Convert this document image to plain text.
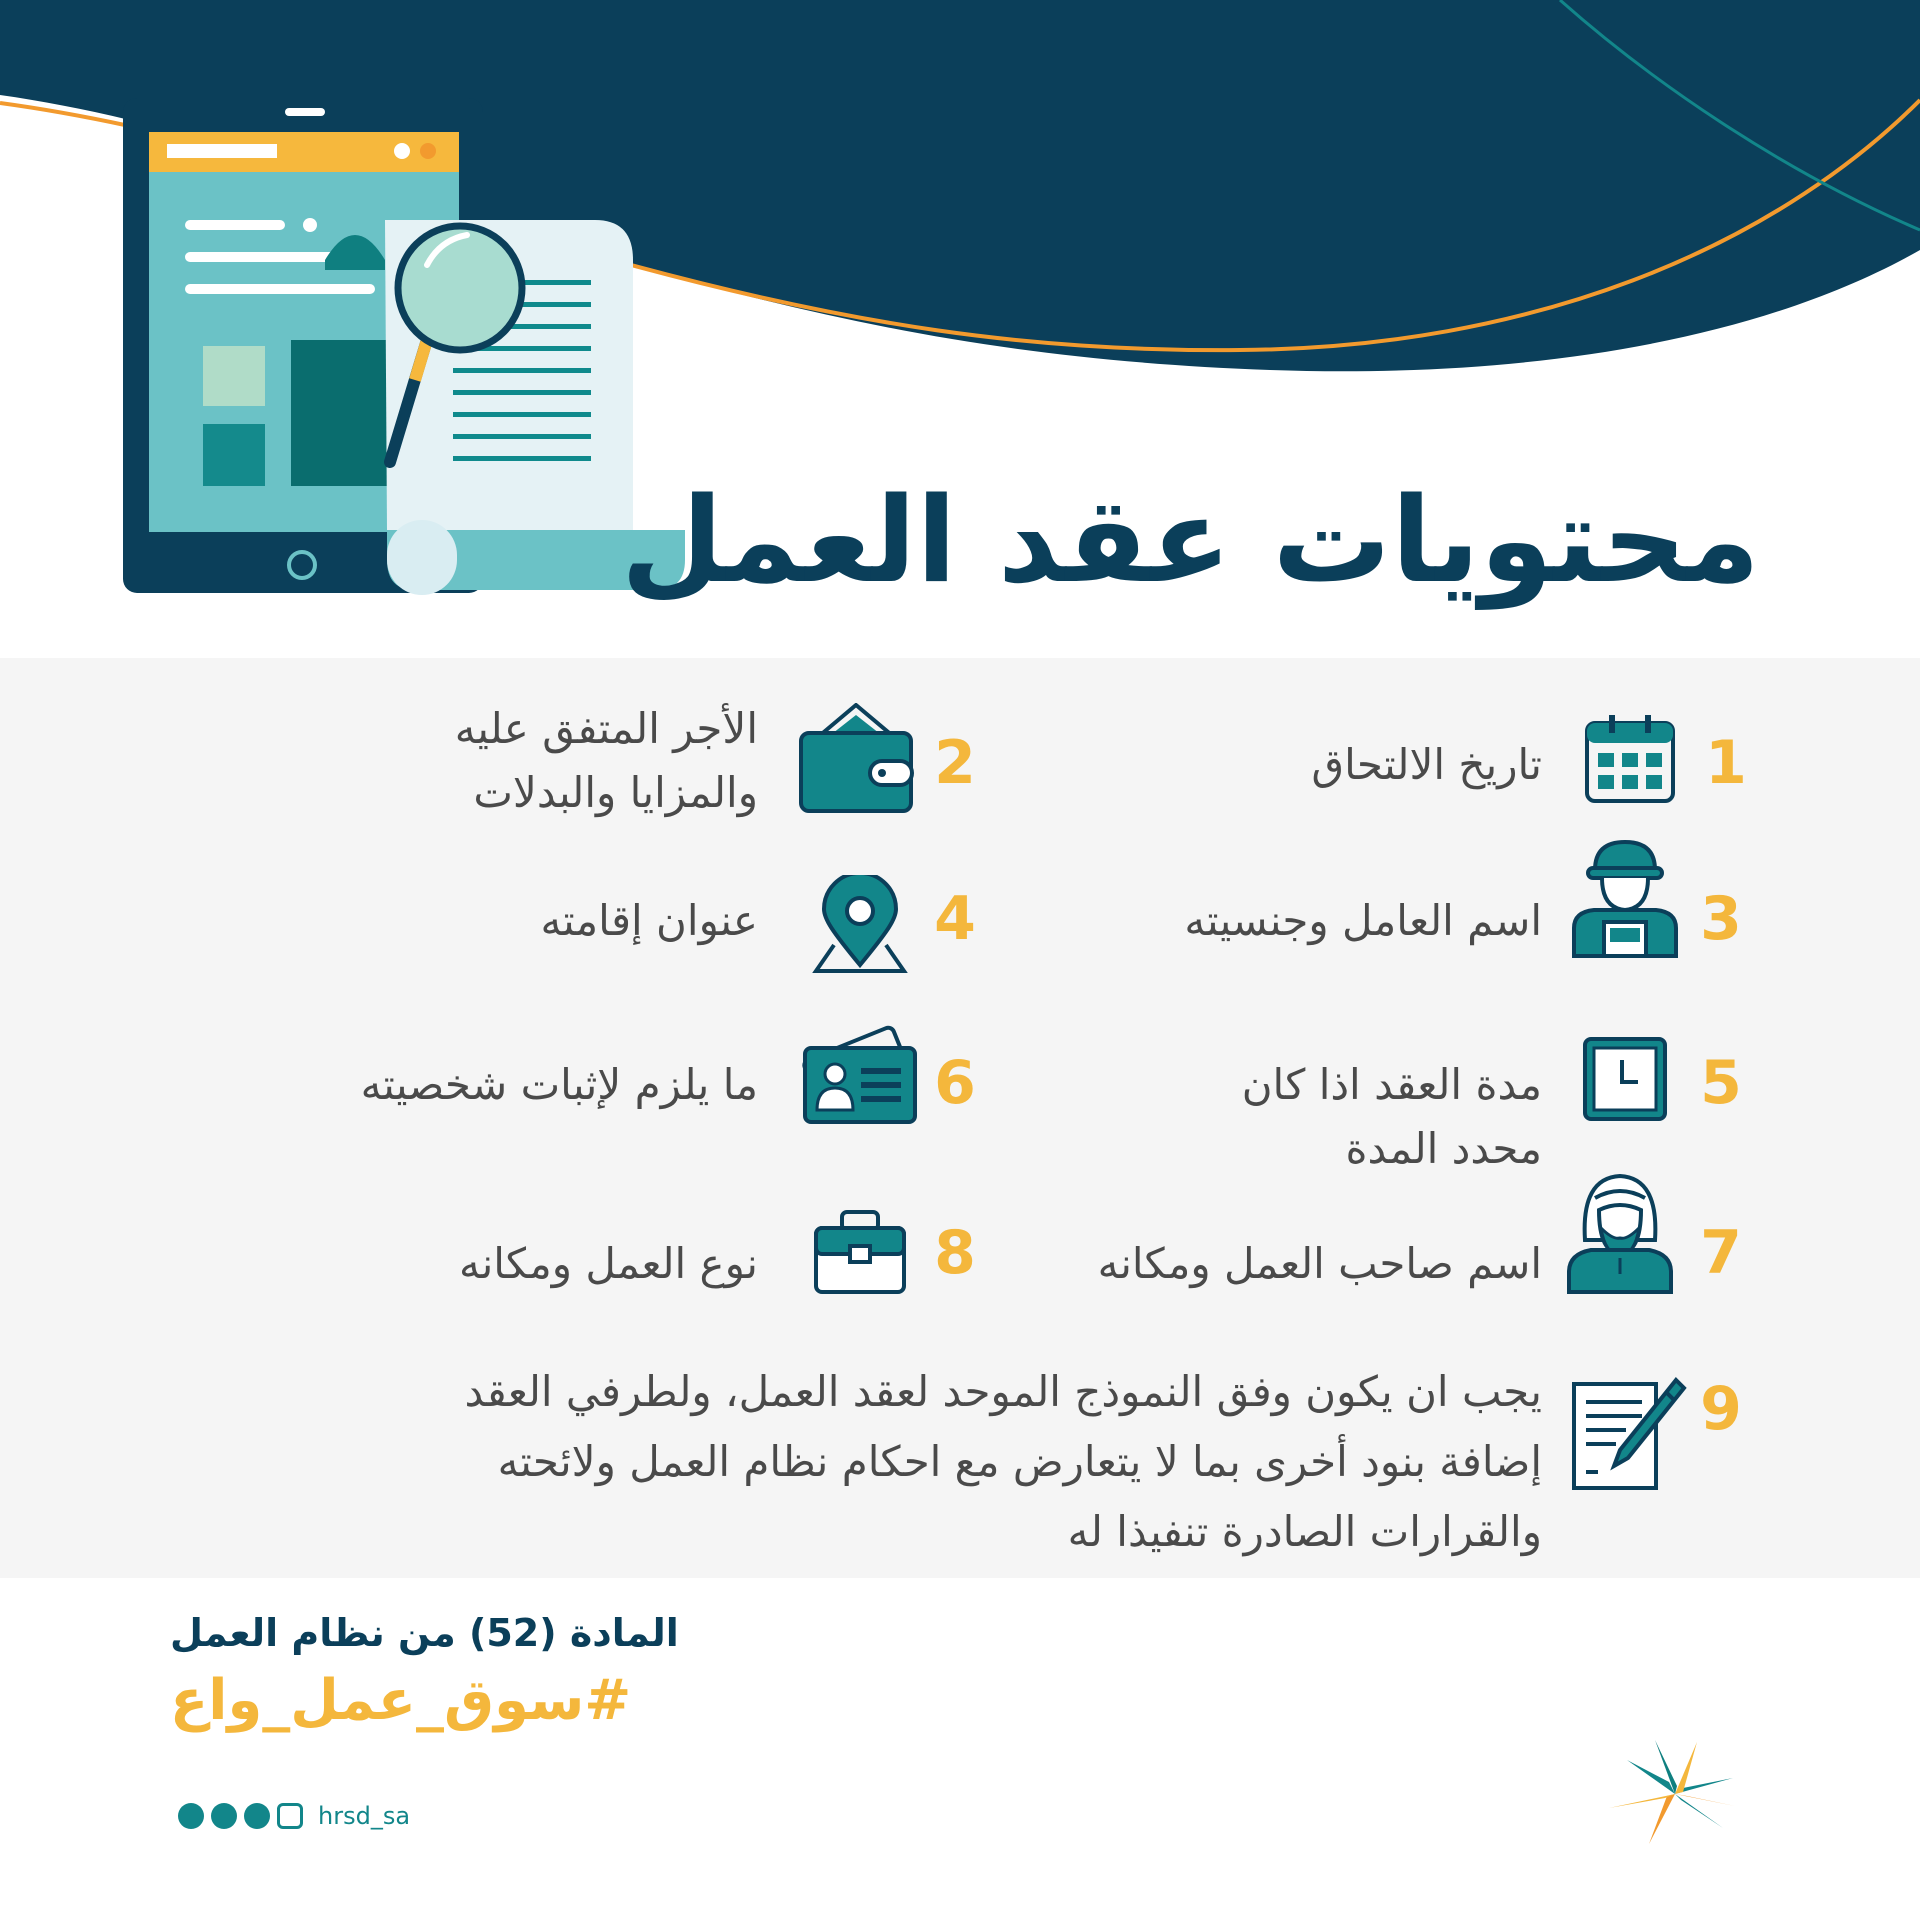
محتويات عقد العمل
1
تاريخ الالتحاق
2
الأجر المتفق عليه
والمزايا والبدلات
3
اسم العامل وجنسيته
4
عنوان إقامته
5
مدة العقد اذا كان
محدد المدة
6
ما يلزم لإثبات شخصيته
7
اسم صاحب العمل ومكانه
8
نوع العمل ومكانه
9
يجب ان يكون وفق النموذج الموحد لعقد العمل، ولطرفي العقد
إضافة بنود أخرى بما لا يتعارض مع احكام نظام العمل ولائحته
والقرارات الصادرة تنفيذا له
المادة (52) من نظام العمل
#سوق_عمل_واع
hrsd_sa
